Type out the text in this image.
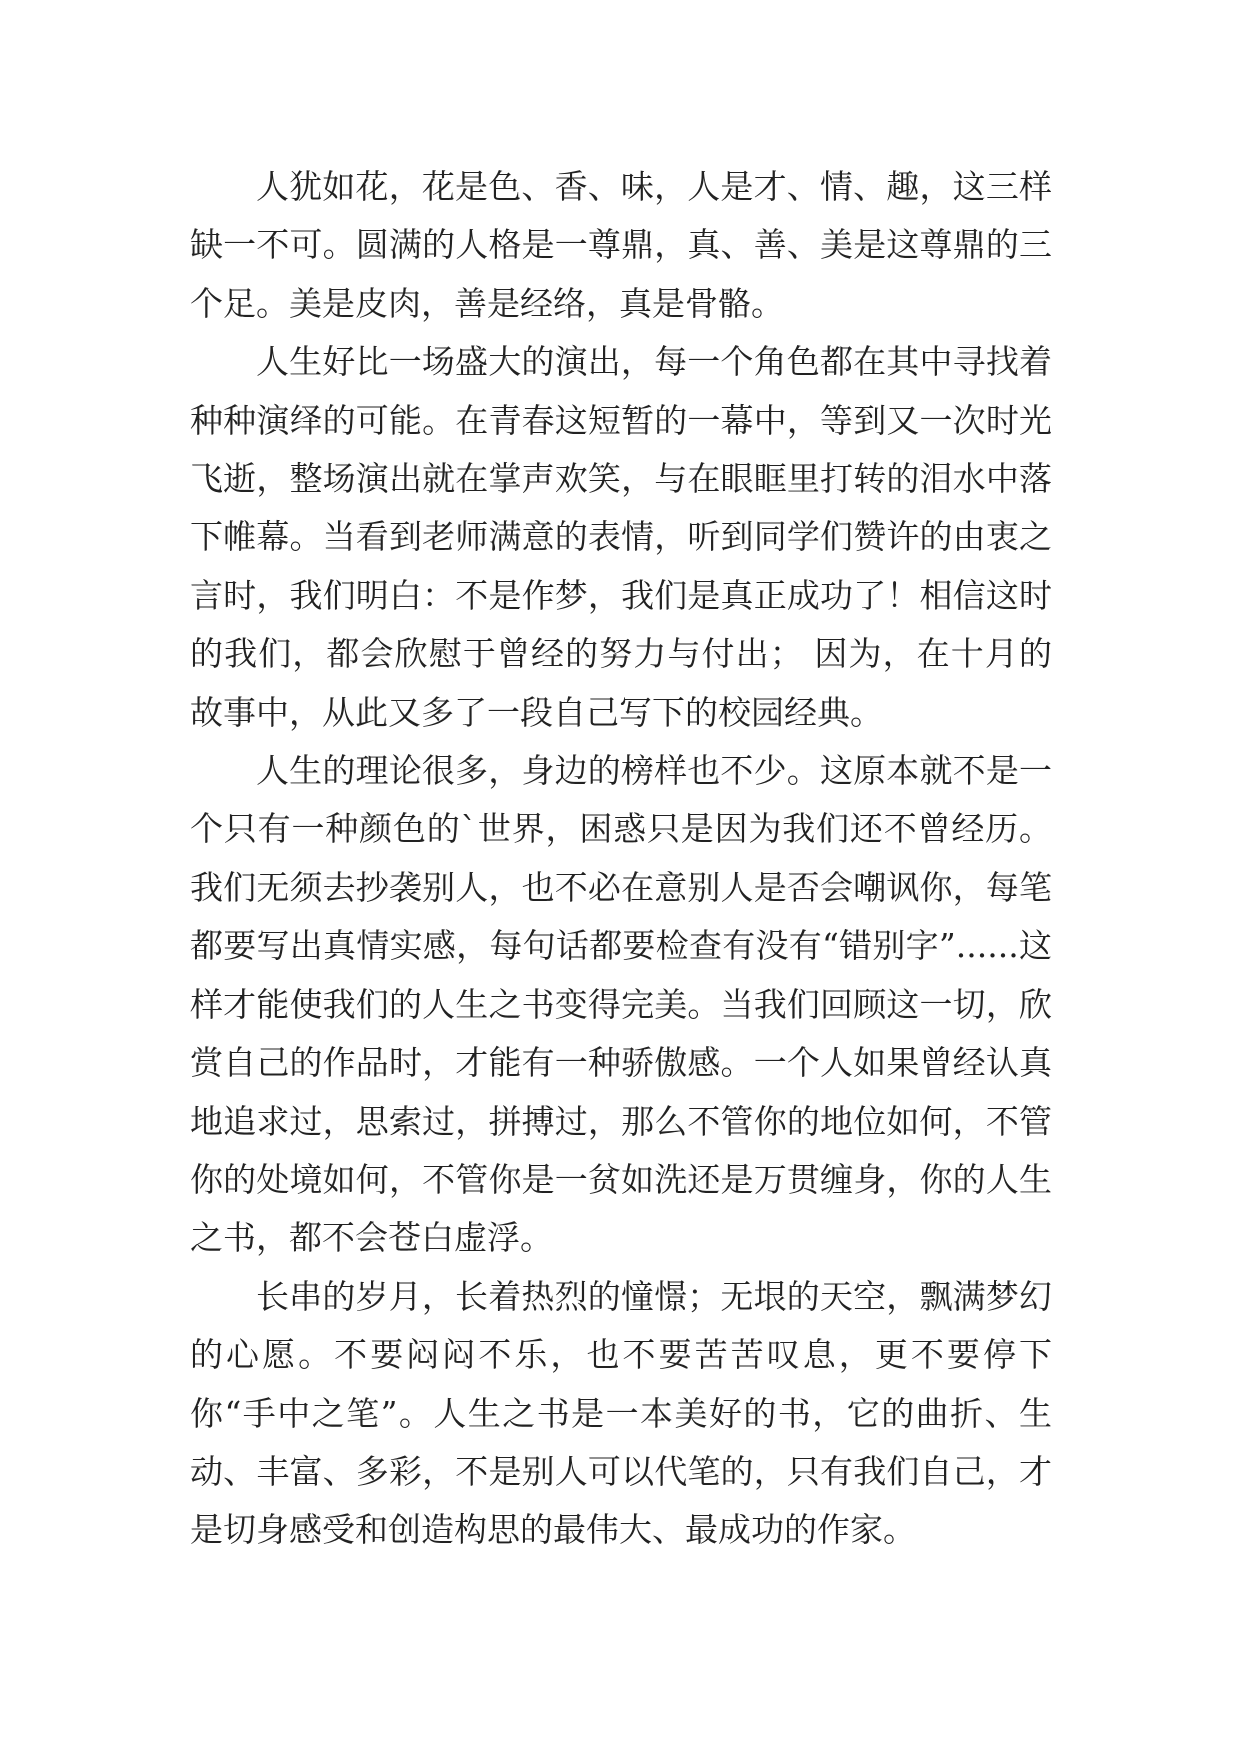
人犹如花，花是色、香、味，人是才、情、趣，这三样缺一不可。圆满的人格是一尊鼎，真、善、美是这尊鼎的三个足。美是皮肉，善是经络，真是骨骼。

人生好比一场盛大的演出，每一个角色都在其中寻找着种种演绎的可能。在青春这短暂的一幕中，等到又一次时光飞逝，整场演出就在掌声欢笑，与在眼眶里打转的泪水中落下帷幕。当看到老师满意的表情，听到同学们赞许的由衷之言时，我们明白：不是作梦，我们是真正成功了！相信这时的我们，都会欣慰于曾经的努力与付出； 因为，在十月的故事中，从此又多了一段自己写下的校园经典。

人生的理论很多，身边的榜样也不少。这原本就不是一个只有一种颜色的`世界，困惑只是因为我们还不曾经历。我们无须去抄袭别人，也不必在意别人是否会嘲讽你，每笔都要写出真情实感，每句话都要检查有没有“错别字”......这样才能使我们的人生之书变得完美。当我们回顾这一切，欣赏自己的作品时，才能有一种骄傲感。一个人如果曾经认真地追求过，思索过，拼搏过，那么不管你的地位如何，不管你的处境如何，不管你是一贫如洗还是万贯缠身，你的人生之书，都不会苍白虚浮。

长串的岁月，长着热烈的憧憬；无垠的天空，飘满梦幻的心愿。不要闷闷不乐，也不要苦苦叹息，更不要停下你“手中之笔”。人生之书是一本美好的书，它的曲折、生动、丰富、多彩，不是别人可以代笔的，只有我们自己，才是切身感受和创造构思的最伟大、最成功的作家。
